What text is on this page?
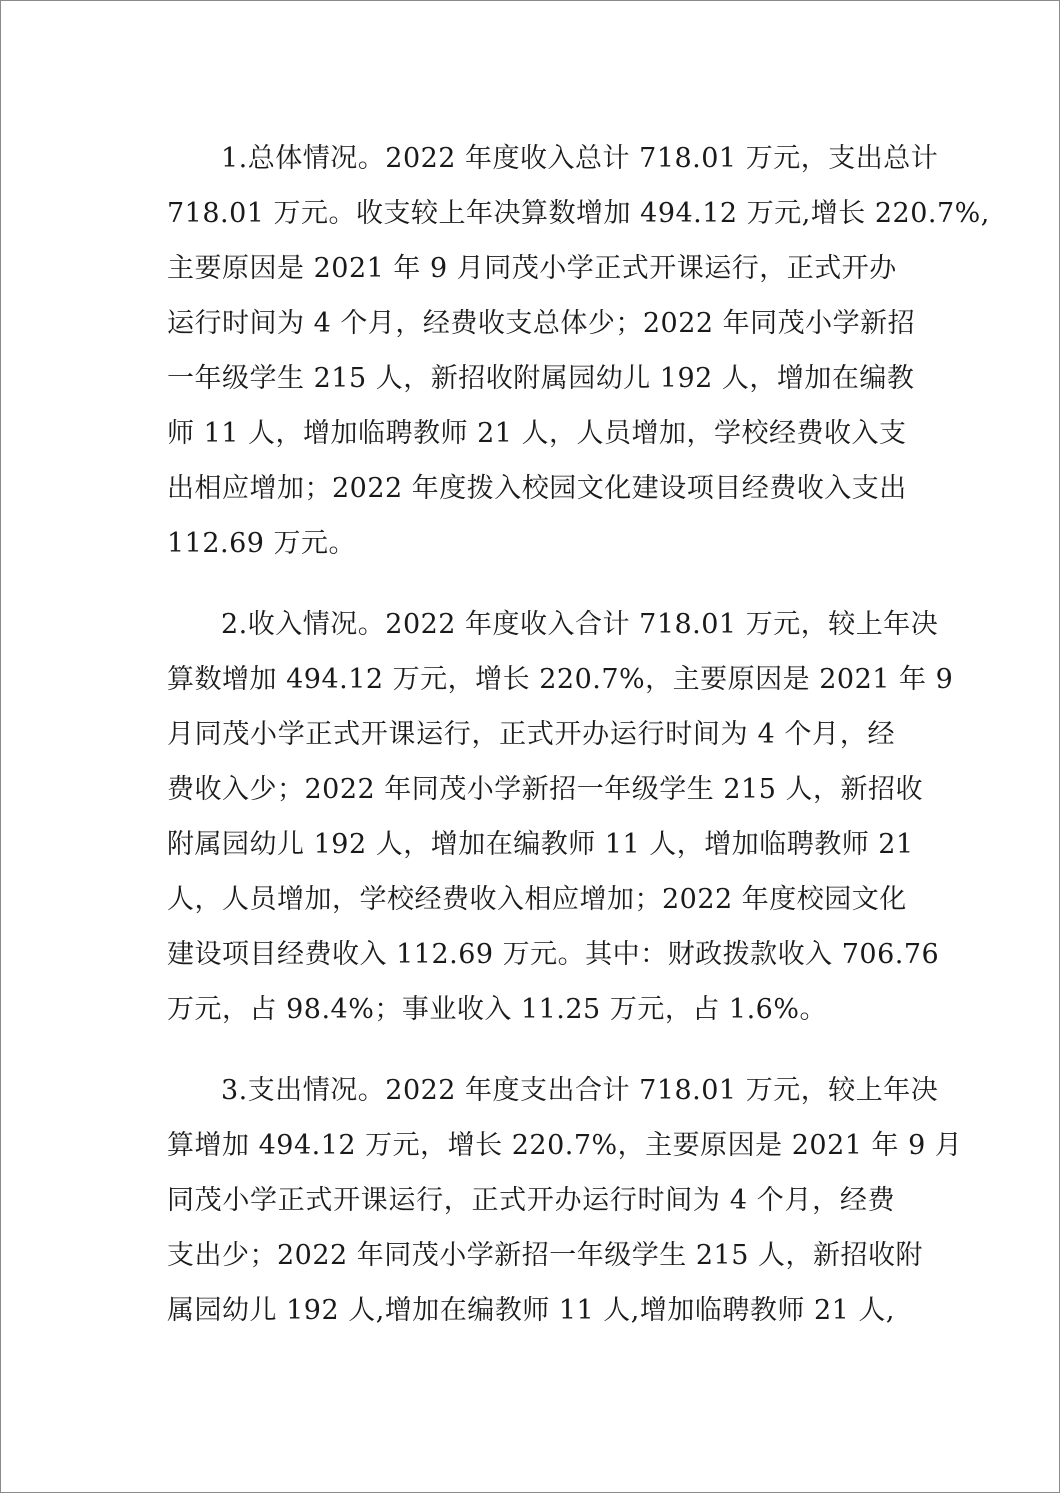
1.总体情况。2022 年度收入总计 718.01 万元，支出总计
718.01 万元。收支较上年决算数增加 494.12 万元,增长 220.7%,
主要原因是 2021 年 9 月同茂小学正式开课运行，正式开办
运行时间为 4 个月，经费收支总体少；2022 年同茂小学新招
一年级学生 215 人，新招收附属园幼儿 192 人，增加在编教
师 11 人，增加临聘教师 21 人，人员增加，学校经费收入支
出相应增加；2022 年度拨入校园文化建设项目经费收入支出
112.69 万元。

2.收入情况。2022 年度收入合计 718.01 万元，较上年决
算数增加 494.12 万元，增长 220.7%，主要原因是 2021 年 9
月同茂小学正式开课运行，正式开办运行时间为 4 个月，经
费收入少；2022 年同茂小学新招一年级学生 215 人，新招收
附属园幼儿 192 人，增加在编教师 11 人，增加临聘教师 21
人，人员增加，学校经费收入相应增加；2022 年度校园文化
建设项目经费收入 112.69 万元。其中：财政拨款收入 706.76
万元，占 98.4%；事业收入 11.25 万元，占 1.6%。

3.支出情况。2022 年度支出合计 718.01 万元，较上年决
算增加 494.12 万元，增长 220.7%，主要原因是 2021 年 9 月
同茂小学正式开课运行，正式开办运行时间为 4 个月，经费
支出少；2022 年同茂小学新招一年级学生 215 人，新招收附
属园幼儿 192 人,增加在编教师 11 人,增加临聘教师 21 人,
